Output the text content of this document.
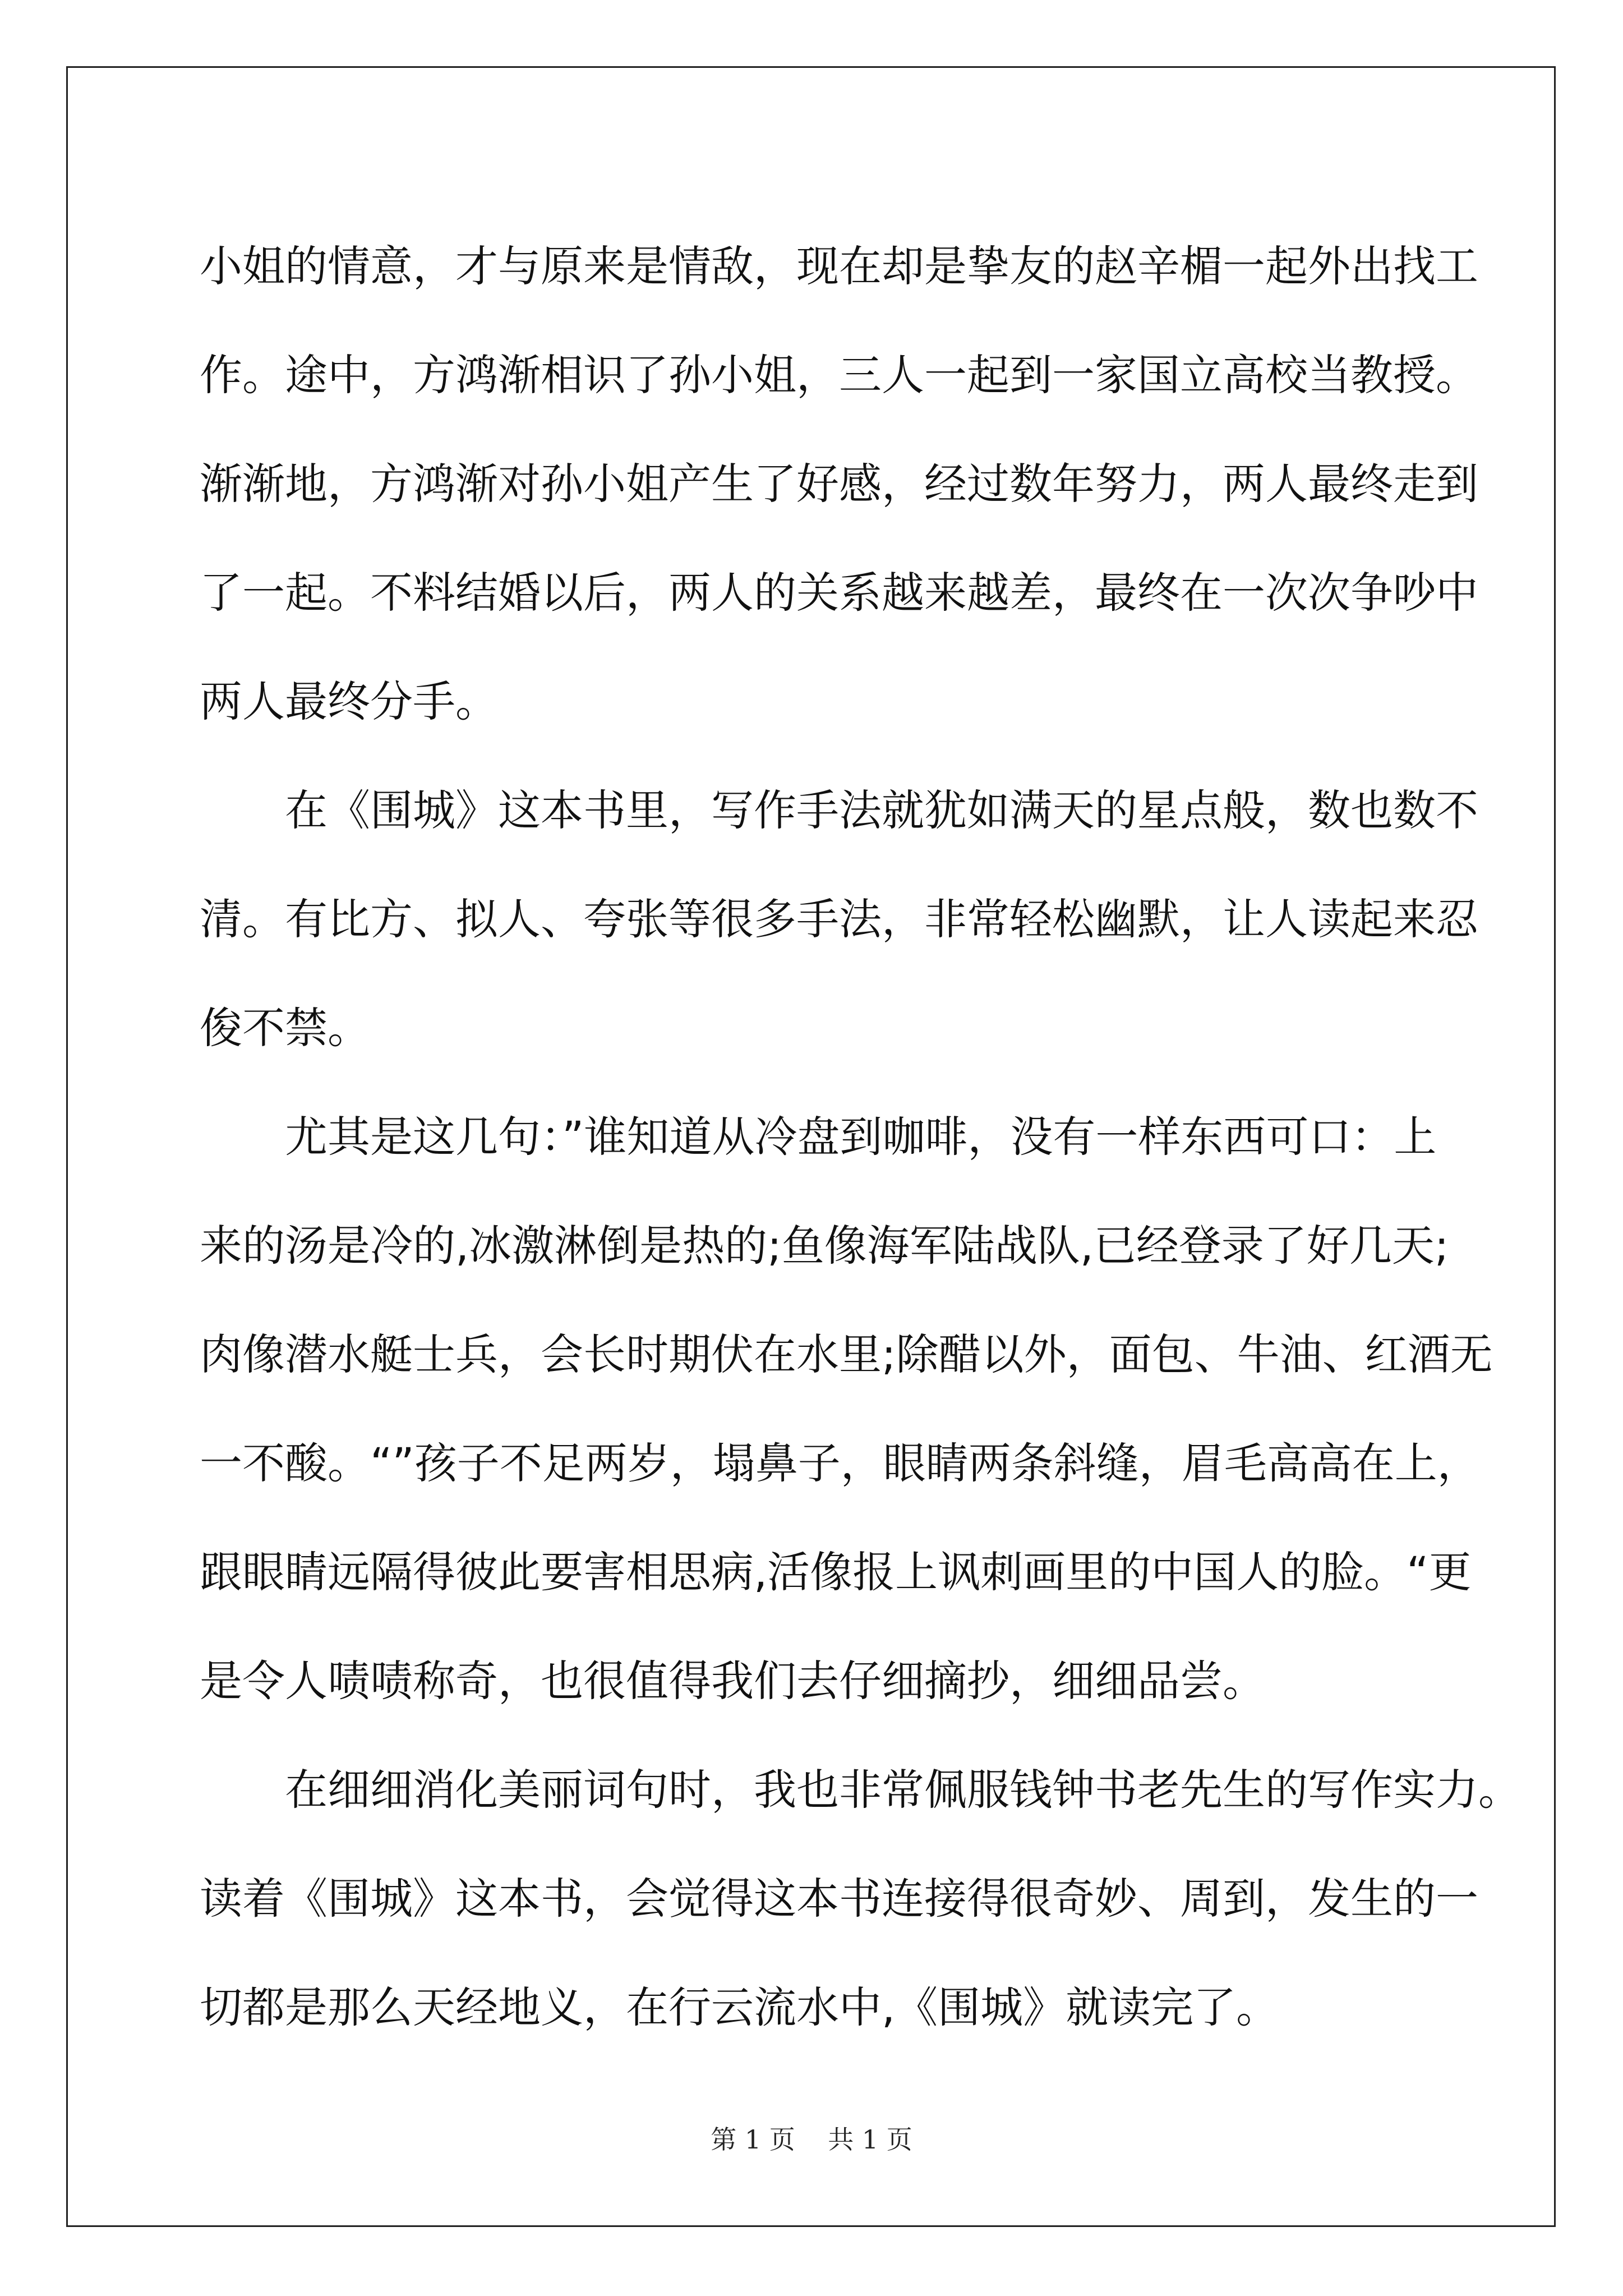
小姐的情意，才与原来是情敌，现在却是挚友的赵辛楣一起外出找工
作。途中，方鸿渐相识了孙小姐，三人一起到一家国立高校当教授。
渐渐地，方鸿渐对孙小姐产生了好感，经过数年努力，两人最终走到
了一起。不料结婚以后，两人的关系越来越差，最终在一次次争吵中
两人最终分手。
在《围城》这本书里，写作手法就犹如满天的星点般，数也数不
清。有比方、拟人、夸张等很多手法，非常轻松幽默，让人读起来忍
俊不禁。
尤其是这几句：”谁知道从冷盘到咖啡，没有一样东西可口：上
来的汤是冷的,冰激淋倒是热的;鱼像海军陆战队,已经登录了好几天;
肉像潜水艇士兵，会长时期伏在水里;除醋以外，面包、牛油、红酒无
一不酸。“”孩子不足两岁，塌鼻子，眼睛两条斜缝，眉毛高高在上，
跟眼睛远隔得彼此要害相思病,活像报上讽刺画里的中国人的脸。“更
是令人啧啧称奇，也很值得我们去仔细摘抄，细细品尝。
在细细消化美丽词句时，我也非常佩服钱钟书老先生的写作实力。
读着《围城》这本书，会觉得这本书连接得很奇妙、周到，发生的一
切都是那么天经地义，在行云流水中,《围城》就读完了。
第 1 页    共 1 页
